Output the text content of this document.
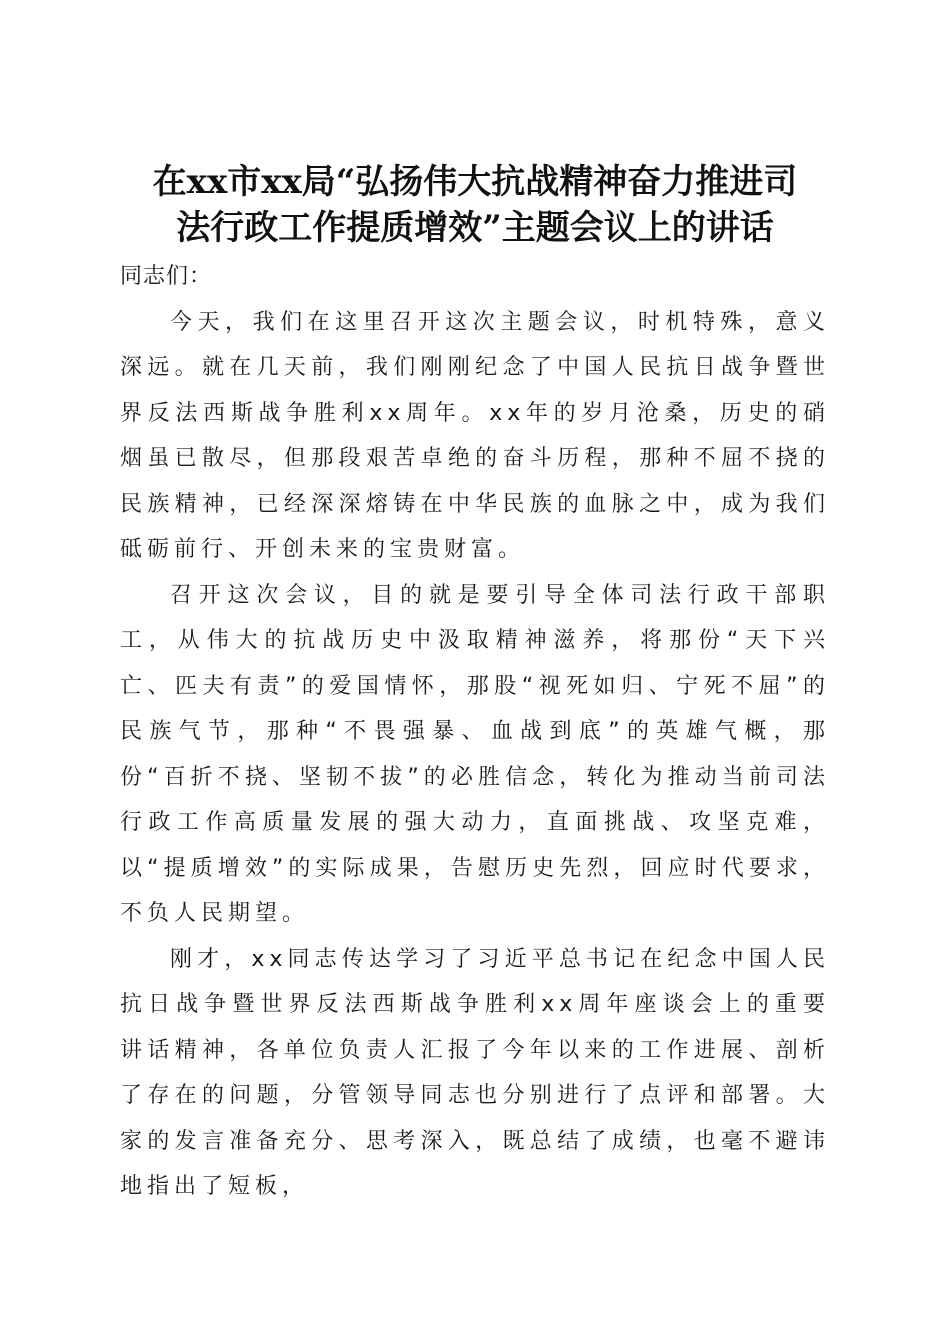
在xx市xx局“弘扬伟大抗战精神奋力推进司
法行政工作提质增效”主题会议上的讲话

同志们：

今天，我们在这里召开这次主题会议，时机特殊，意义深远。就在几天前，我们刚刚纪念了中国人民抗日战争暨世界反法西斯战争胜利xx周年。xx年的岁月沧桑，历史的硝烟虽已散尽，但那段艰苦卓绝的奋斗历程，那种不屈不挠的民族精神，已经深深熔铸在中华民族的血脉之中，成为我们砥砺前行、开创未来的宝贵财富。

召开这次会议，目的就是要引导全体司法行政干部职工，从伟大的抗战历史中汲取精神滋养，将那份“天下兴亡、匹夫有责”的爱国情怀，那股“视死如归、宁死不屈”的民族气节，那种“不畏强暴、血战到底”的英雄气概，那份“百折不挠、坚韧不拔”的必胜信念，转化为推动当前司法行政工作高质量发展的强大动力，直面挑战、攻坚克难，以“提质增效”的实际成果，告慰历史先烈，回应时代要求，不负人民期望。

刚才，xx同志传达学习了习近平总书记在纪念中国人民抗日战争暨世界反法西斯战争胜利xx周年座谈会上的重要讲话精神，各单位负责人汇报了今年以来的工作进展、剖析了存在的问题，分管领导同志也分别进行了点评和部署。大家的发言准备充分、思考深入，既总结了成绩，也毫不避讳地指出了短板，
